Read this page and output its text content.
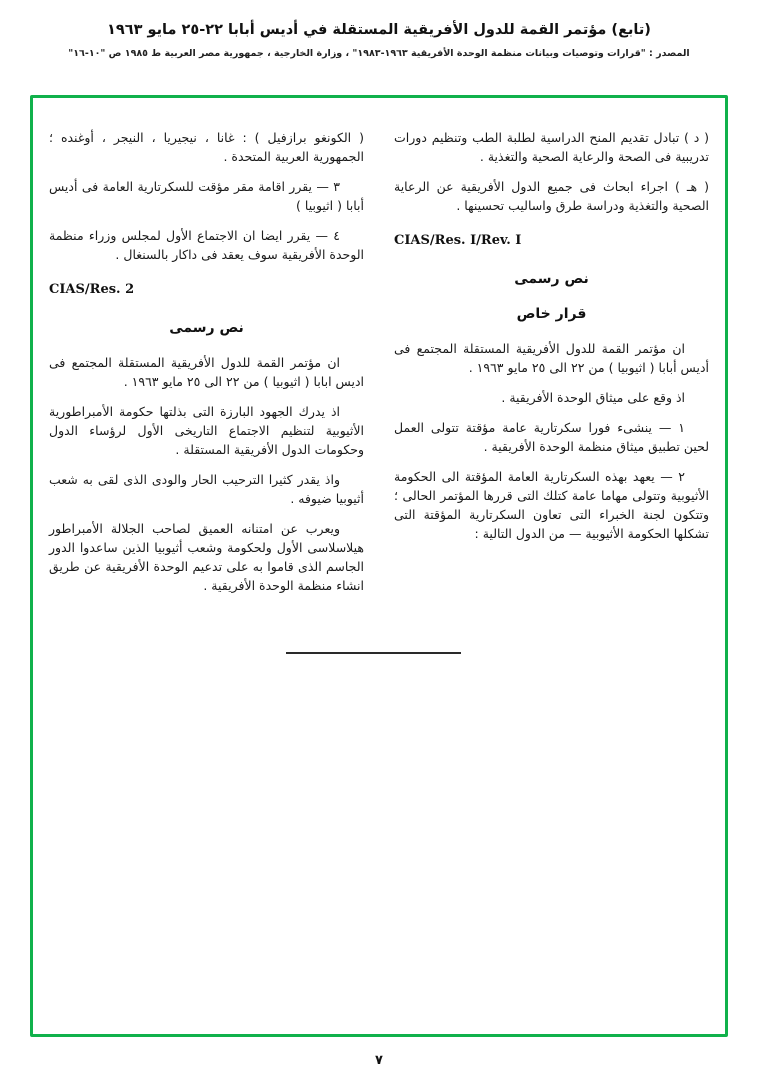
(تابع) مؤتمر القمة للدول الأفريقية المستقلة في أديس أبابا ٢٢-٢٥ مايو ١٩٦٣
المصدر : "قرارات وتوصيات وبيانات منظمة الوحدة الأفريقية ١٩٦٣-١٩٨٣" ، وزارة الخارجية ، جمهورية مصر العربية ط ١٩٨٥ ص "١٠-١٦"

( د ) تبادل تقديم المنح الدراسية لطلبة الطب وتنظيم دورات تدريبية فى الصحة والرعاية الصحية والتغذية .

( هـ ) اجراء ابحاث فى جميع الدول الأفريقية عن الرعاية الصحية والتغذية ودراسة طرق واساليب تحسينها .

CIAS/Res. I/Rev. I
نص رسمى
قرار خاص

ان مؤتمر القمة للدول الأفريقية المستقلة المجتمع فى أديس أبابا ( اثيوبيا ) من ٢٢ الى ٢٥ مايو ١٩٦٣ .

اذ وقع على ميثاق الوحدة الأفريقية .

١ — ينشىء فورا سكرتارية عامة مؤقتة تتولى العمل لحين تطبيق ميثاق منظمة الوحدة الأفريقية .

٢ — يعهد بهذه السكرتارية العامة المؤقتة الى الحكومة الأثيوبية وتتولى مهاما عامة كتلك التى قررها المؤتمر الحالى ؛ وتتكون لجنة الخبراء التى تعاون السكرتارية المؤقتة التى تشكلها الحكومة الأثيوبية — من الدول التالية :

( الكونغو برازفيل ) : غانا ، نيجيريا ، النيجر ، أوغنده ؛ الجمهورية العربية المتحدة .

٣ — يقرر اقامة مقر مؤقت للسكرتارية العامة فى أديس أبابا ( اثيوبيا )

٤ — يقرر ايضا ان الاجتماع الأول لمجلس وزراء منظمة الوحدة الأفريقية سوف يعقد فى داكار بالسنغال .

CIAS/Res. 2
نص رسمى

ان مؤتمر القمة للدول الأفريقية المستقلة المجتمع فى اديس ابابا ( اثيوبيا ) من ٢٢ الى ٢٥ مايو ١٩٦٣ .

اذ يدرك الجهود البارزة التى بذلتها حكومة الأمبراطورية الأثيوبية لتنظيم الاجتماع التاريخى الأول لرؤساء الدول وحكومات الدول الأفريقية المستقلة .

واذ يقدر كثيرا الترحيب الحار والودى الذى لقى به شعب أثيوبيا ضيوفه .

ويعرب عن امتنانه العميق لصاحب الجلالة الأمبراطور هيلاسلاسى الأول ولحكومة وشعب أثيوبيا الذين ساعدوا الدور الجاسم الذى قاموا به على تدعيم الوحدة الأفريقية عن طريق انشاء منظمة الوحدة الأفريقية .

٧
